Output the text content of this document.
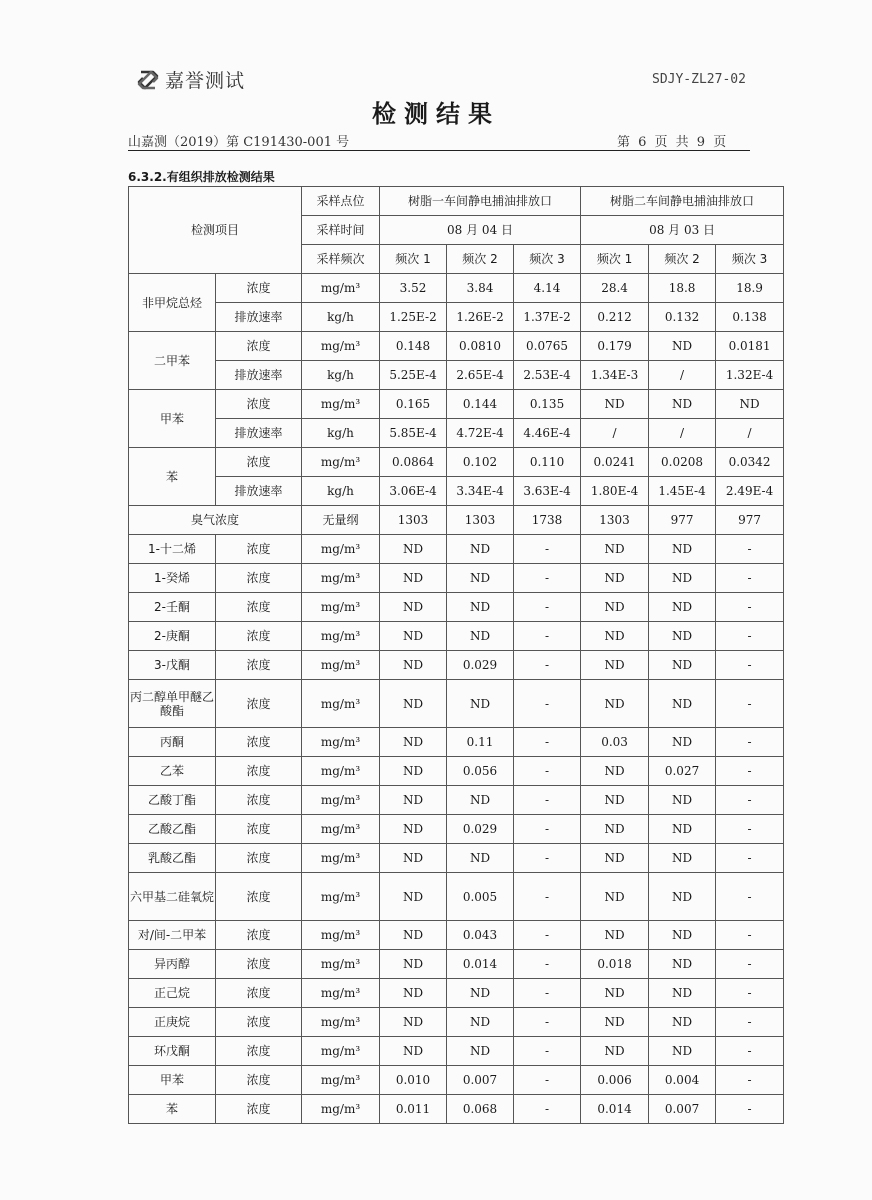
嘉誉测试	SDJY-ZL27-02
检测结果
山嘉测（2019）第 C191430-001 号	第 6 页 共 9 页
6.3.2.有组织排放检测结果
检测项目		采样点位	树脂一车间静电捕油排放口			树脂二车间静电捕油排放口		
		采样时间	08 月 04 日			08 月 03 日		
		采样频次	频次 1	频次 2	频次 3	频次 1	频次 2	频次 3
非甲烷总烃	浓度	mg/m³	3.52	3.84	4.14	28.4	18.8	18.9
	排放速率	kg/h	1.25E-2	1.26E-2	1.37E-2	0.212	0.132	0.138
二甲苯	浓度	mg/m³	0.148	0.0810	0.0765	0.179	ND	0.0181
	排放速率	kg/h	5.25E-4	2.65E-4	2.53E-4	1.34E-3	/	1.32E-4
甲苯	浓度	mg/m³	0.165	0.144	0.135	ND	ND	ND
	排放速率	kg/h	5.85E-4	4.72E-4	4.46E-4	/	/	/
苯	浓度	mg/m³	0.0864	0.102	0.110	0.0241	0.0208	0.0342
	排放速率	kg/h	3.06E-4	3.34E-4	3.63E-4	1.80E-4	1.45E-4	2.49E-4
臭气浓度		无量纲	1303	1303	1738	1303	977	977
1-十二烯	浓度	mg/m³	ND	ND	-	ND	ND	-
1-癸烯	浓度	mg/m³	ND	ND	-	ND	ND	-
2-壬酮	浓度	mg/m³	ND	ND	-	ND	ND	-
2-庚酮	浓度	mg/m³	ND	ND	-	ND	ND	-
3-戊酮	浓度	mg/m³	ND	0.029	-	ND	ND	-
丙二醇单甲醚乙酸酯	浓度	mg/m³	ND	ND	-	ND	ND	-
丙酮	浓度	mg/m³	ND	0.11	-	0.03	ND	-
乙苯	浓度	mg/m³	ND	0.056	-	ND	0.027	-
乙酸丁酯	浓度	mg/m³	ND	ND	-	ND	ND	-
乙酸乙酯	浓度	mg/m³	ND	0.029	-	ND	ND	-
乳酸乙酯	浓度	mg/m³	ND	ND	-	ND	ND	-
六甲基二硅氧烷	浓度	mg/m³	ND	0.005	-	ND	ND	-
对/间-二甲苯	浓度	mg/m³	ND	0.043	-	ND	ND	-
异丙醇	浓度	mg/m³	ND	0.014	-	0.018	ND	-
正己烷	浓度	mg/m³	ND	ND	-	ND	ND	-
正庚烷	浓度	mg/m³	ND	ND	-	ND	ND	-
环戊酮	浓度	mg/m³	ND	ND	-	ND	ND	-
甲苯	浓度	mg/m³	0.010	0.007	-	0.006	0.004	-
苯	浓度	mg/m³	0.011	0.068	-	0.014	0.007	-
